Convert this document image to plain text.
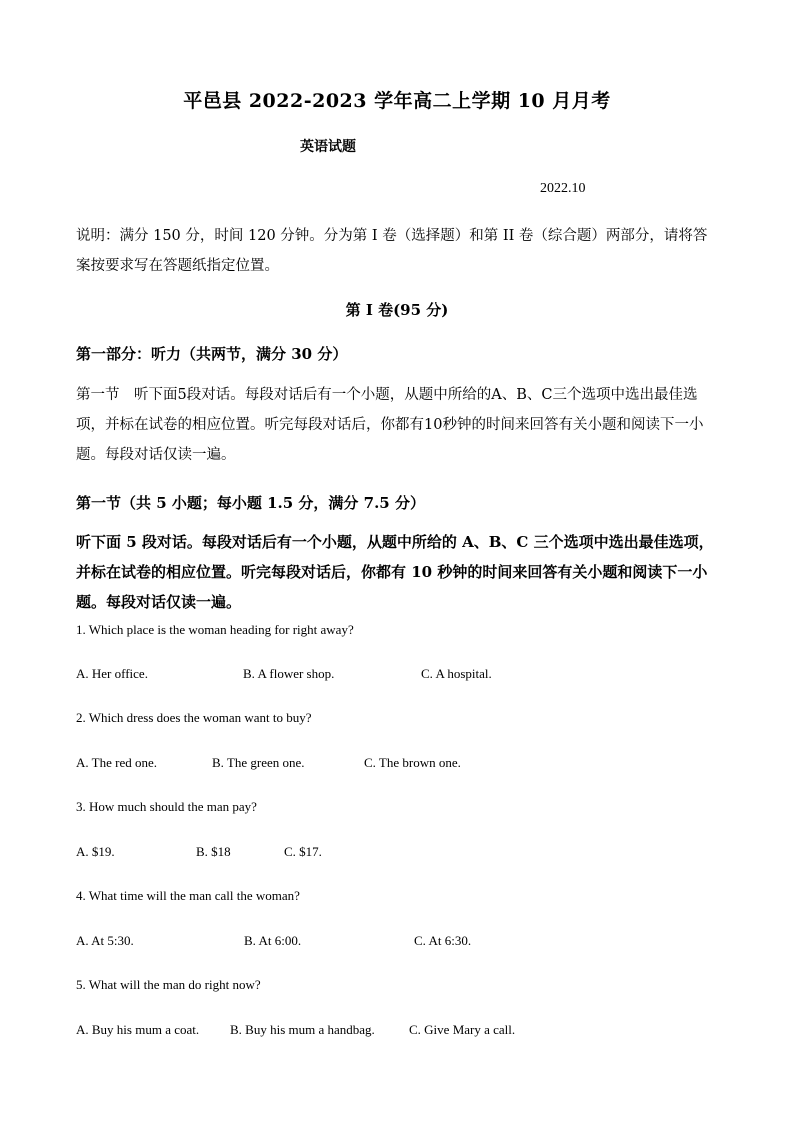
平邑县 2022-2023 学年高二上学期 10 月月考
英语试题
2022.10
说明：满分 150 分，时间 120 分钟。分为第 I 卷（选择题）和第 II 卷（综合题）两部分，请将答案按要求写在答题纸指定位置。
第 I 卷(95 分)
第一部分：听力（共两节，满分 30 分）
第一节　听下面5段对话。每段对话后有一个小题，从题中所给的A、B、C三个选项中选出最佳选项，并标在试卷的相应位置。听完每段对话后，你都有10秒钟的时间来回答有关小题和阅读下一小题。每段对话仅读一遍。
第一节（共 5 小题；每小题 1.5 分，满分 7.5 分）
听下面 5 段对话。每段对话后有一个小题，从题中所给的 A、B、C 三个选项中选出最佳选项，并标在试卷的相应位置。听完每段对话后，你都有 10 秒钟的时间来回答有关小题和阅读下一小题。每段对话仅读一遍。
1. Which place is the woman heading for right away?
A. Her office.	B. A flower shop.	C. A hospital.
2. Which dress does the woman want to buy?
A. The red one.	B. The green one.	C. The brown one.
3. How much should the man pay?
A. $19.	B. $18	C. $17.
4. What time will the man call the woman?
A. At 5:30.	B. At 6:00.	C. At 6:30.
5. What will the man do right now?
A. Buy his mum a coat. B. Buy his mum a handbag.	C. Give Mary a call.
